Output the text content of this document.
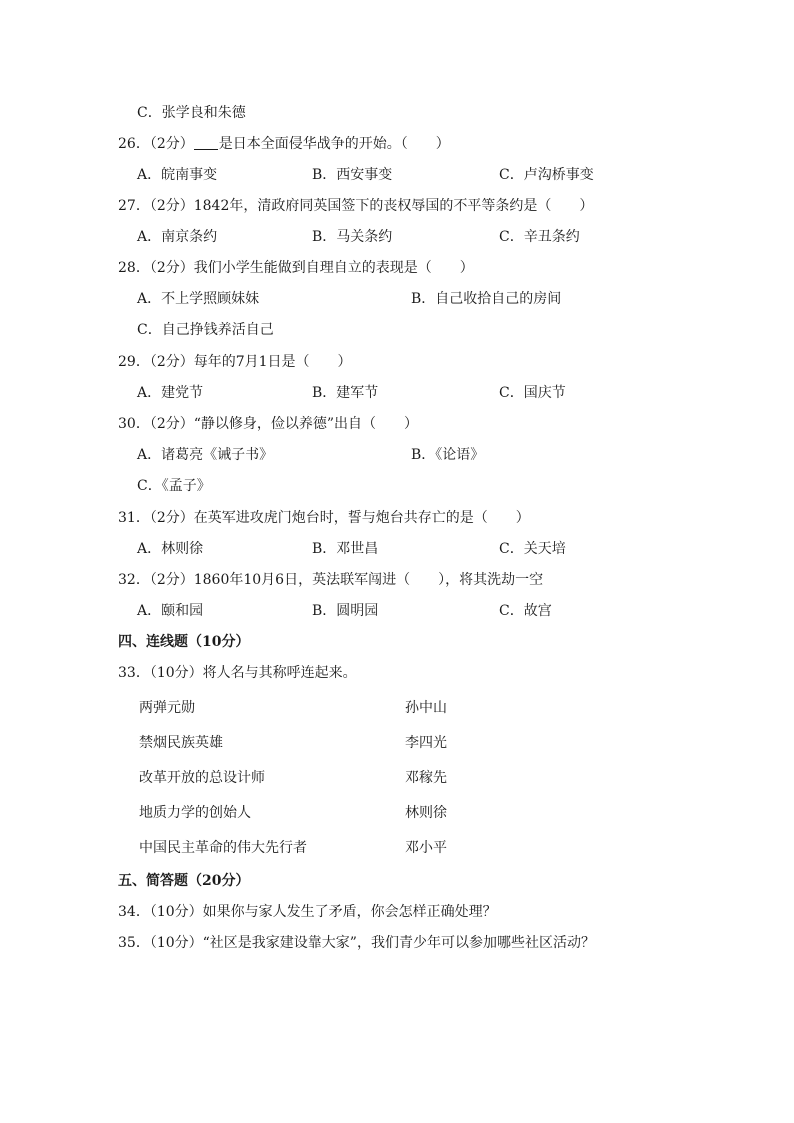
C．张学良和朱德
26．（2分） 是日本全面侵华战争的开始。（　　）
A．皖南事变	B．西安事变	C．卢沟桥事变
27．（2分）1842年，清政府同英国签下的丧权辱国的不平等条约是（　　）
A．南京条约	B．马关条约	C．辛丑条约
28．（2分）我们小学生能做到自理自立的表现是（　　）
A．不上学照顾妹妹	B．自己收拾自己的房间
C．自己挣钱养活自己
29．（2分）每年的7月1日是（　　）
A．建党节	B．建军节	C．国庆节
30．（2分）“静以修身，俭以养德”出自（　　）
A．诸葛亮《诫子书》	B．《论语》
C．《孟子》
31．（2分）在英军进攻虎门炮台时，誓与炮台共存亡的是（　　）
A．林则徐	B．邓世昌	C．关天培
32．（2分）1860年10月6日，英法联军闯进（　　），将其洗劫一空
A．颐和园	B．圆明园	C．故宫
四、连线题（10分）
33．（10分）将人名与其称呼连起来。
两弹元勋	孙中山
禁烟民族英雄	李四光
改革开放的总设计师	邓稼先
地质力学的创始人	林则徐
中国民主革命的伟大先行者	邓小平
五、简答题（20分）
34．（10分）如果你与家人发生了矛盾，你会怎样正确处理？
35．（10分）“社区是我家建设靠大家”，我们青少年可以参加哪些社区活动？
